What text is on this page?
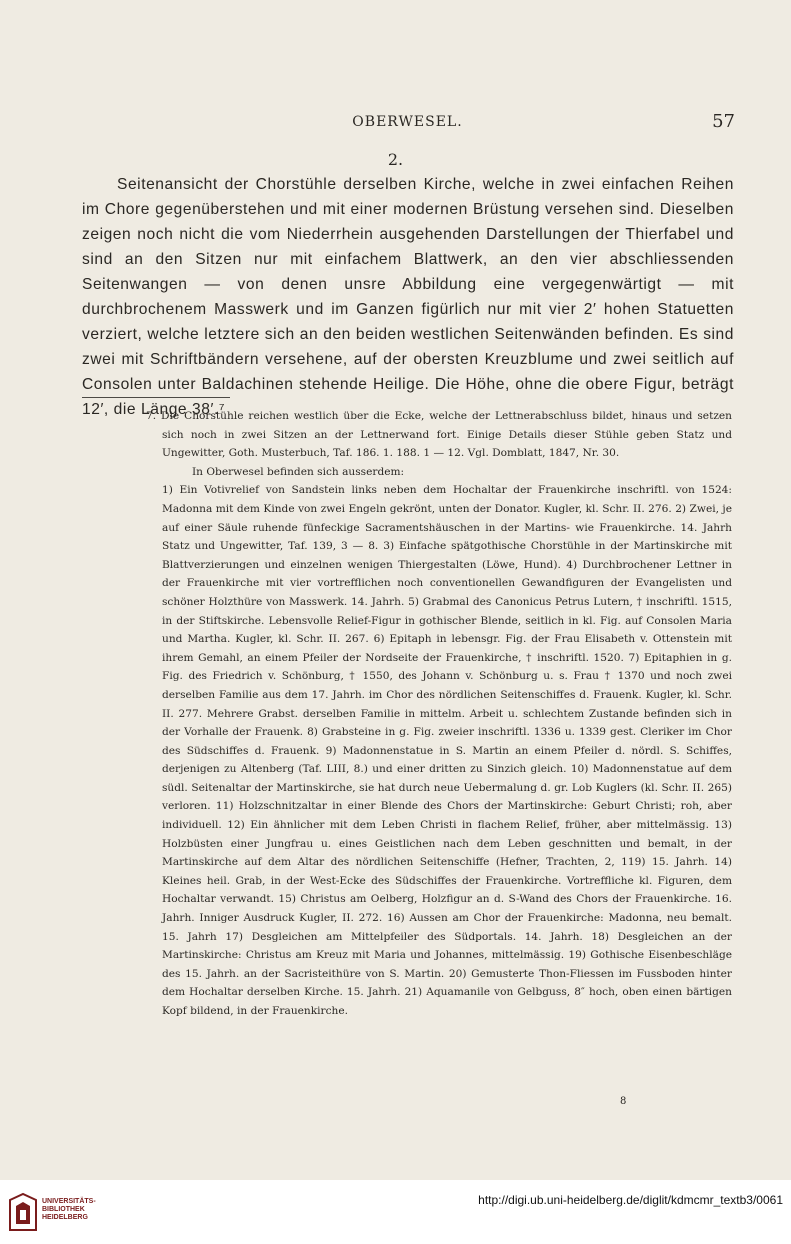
OBERWESEL.	57
2.

Seitenansicht der Chorstühle derselben Kirche, welche in zwei einfachen Reihen im Chore gegenüberstehen und mit einer modernen Brüstung versehen sind. Dieselben zeigen noch nicht die vom Niederrhein ausgehenden Darstellungen der Thierfabel und sind an den Sitzen nur mit einfachem Blattwerk, an den vier abschliessenden Seitenwangen — von denen unsre Abbildung eine vergegenwärtigt — mit durchbrochenem Masswerk und im Ganzen figürlich nur mit vier 2′ hohen Statuetten verziert, welche letztere sich an den beiden westlichen Seitenwänden befinden. Es sind zwei mit Schriftbändern versehene, auf der obersten Kreuzblume und zwei seitlich auf Consolen unter Baldachinen stehende Heilige. Die Höhe, ohne die obere Figur, beträgt 12′, die Länge 38′.⁷

7. Die Chorstühle reichen westlich über die Ecke, welche der Lettnerabschluss bildet, hinaus und setzen sich noch in zwei Sitzen an der Lettnerwand fort. Einige Details dieser Stühle geben Statz und Ungewitter, Goth. Musterbuch, Taf. 186. 1. 188. 1 — 12. Vgl. Domblatt, 1847, Nr. 30.

In Oberwesel befinden sich ausserdem:

1) Ein Votivrelief von Sandstein links neben dem Hochaltar der Frauenkirche inschriftl. von 1524: Madonna mit dem Kinde von zwei Engeln gekrönt, unten der Donator. Kugler, kl. Schr. II. 276. 2) Zwei, je auf einer Säule ruhende fünfeckige Sacramentshäuschen in der Martins- wie Frauenkirche. 14. Jahrh Statz und Ungewitter, Taf. 139, 3 — 8. 3) Einfache spätgothische Chorstühle in der Martinskirche mit Blattverzierungen und einzelnen wenigen Thiergestalten (Löwe, Hund). 4) Durchbrochener Lettner in der Frauenkirche mit vier vortrefflichen noch conventionellen Gewandfiguren der Evangelisten und schöner Holzthüre von Masswerk. 14. Jahrh. 5) Grabmal des Canonicus Petrus Lutern, † inschriftl. 1515, in der Stiftskirche. Lebensvolle Relief-Figur in gothischer Blende, seitlich in kl. Fig. auf Consolen Maria und Martha. Kugler, kl. Schr. II. 267. 6) Epitaph in lebensgr. Fig. der Frau Elisabeth v. Ottenstein mit ihrem Gemahl, an einem Pfeiler der Nordseite der Frauenkirche, † inschriftl. 1520. 7) Epitaphien in g. Fig. des Friedrich v. Schönburg, † 1550, des Johann v. Schönburg u. s. Frau † 1370 und noch zwei derselben Familie aus dem 17. Jahrh. im Chor des nördlichen Seitenschiffes d. Frauenk. Kugler, kl. Schr. II. 277. Mehrere Grabst. derselben Familie in mittelm. Arbeit u. schlechtem Zustande befinden sich in der Vorhalle der Frauenk. 8) Grabsteine in g. Fig. zweier inschriftl. 1336 u. 1339 gest. Cleriker im Chor des Südschiffes d. Frauenk. 9) Madonnenstatue in S. Martin an einem Pfeiler d. nördl. S. Schiffes, derjenigen zu Altenberg (Taf. LIII, 8.) und einer dritten zu Sinzich gleich. 10) Madonnenstatue auf dem südl. Seitenaltar der Martinskirche, sie hat durch neue Uebermalung d. gr. Lob Kuglers (kl. Schr. II. 265) verloren. 11) Holzschnitzaltar in einer Blende des Chors der Martinskirche: Geburt Christi; roh, aber individuell. 12) Ein ähnlicher mit dem Leben Christi in flachem Relief, früher, aber mittelmässig. 13) Holzbüsten einer Jungfrau u. eines Geistlichen nach dem Leben geschnitten und bemalt, in der Martinskirche auf dem Altar des nördlichen Seitenschiffe (Hefner, Trachten, 2, 119) 15. Jahrh. 14) Kleines heil. Grab, in der West-Ecke des Südschiffes der Frauenkirche. Vortreffliche kl. Figuren, dem Hochaltar verwandt. 15) Christus am Oelberg, Holzfigur an d. S-Wand des Chors der Frauenkirche. 16. Jahrh. Inniger Ausdruck Kugler, II. 272. 16) Aussen am Chor der Frauenkirche: Madonna, neu bemalt. 15. Jahrh 17) Desgleichen am Mittelpfeiler des Südportals. 14. Jahrh. 18) Desgleichen an der Martinskirche: Christus am Kreuz mit Maria und Johannes, mittelmässig. 19) Gothische Eisenbeschläge des 15. Jahrh. an der Sacristeithüre von S. Martin. 20) Gemusterte Thon-Fliessen im Fussboden hinter dem Hochaltar derselben Kirche. 15. Jahrh. 21) Aquamanile von Gelbguss, 8″ hoch, oben einen bärtigen Kopf bildend, in der Frauenkirche.

8
UNIVERSITÄTS-
BIBLIOTHEK
HEIDELBERG
http://digi.ub.uni-heidelberg.de/diglit/kdmcmr_textb3/0061
